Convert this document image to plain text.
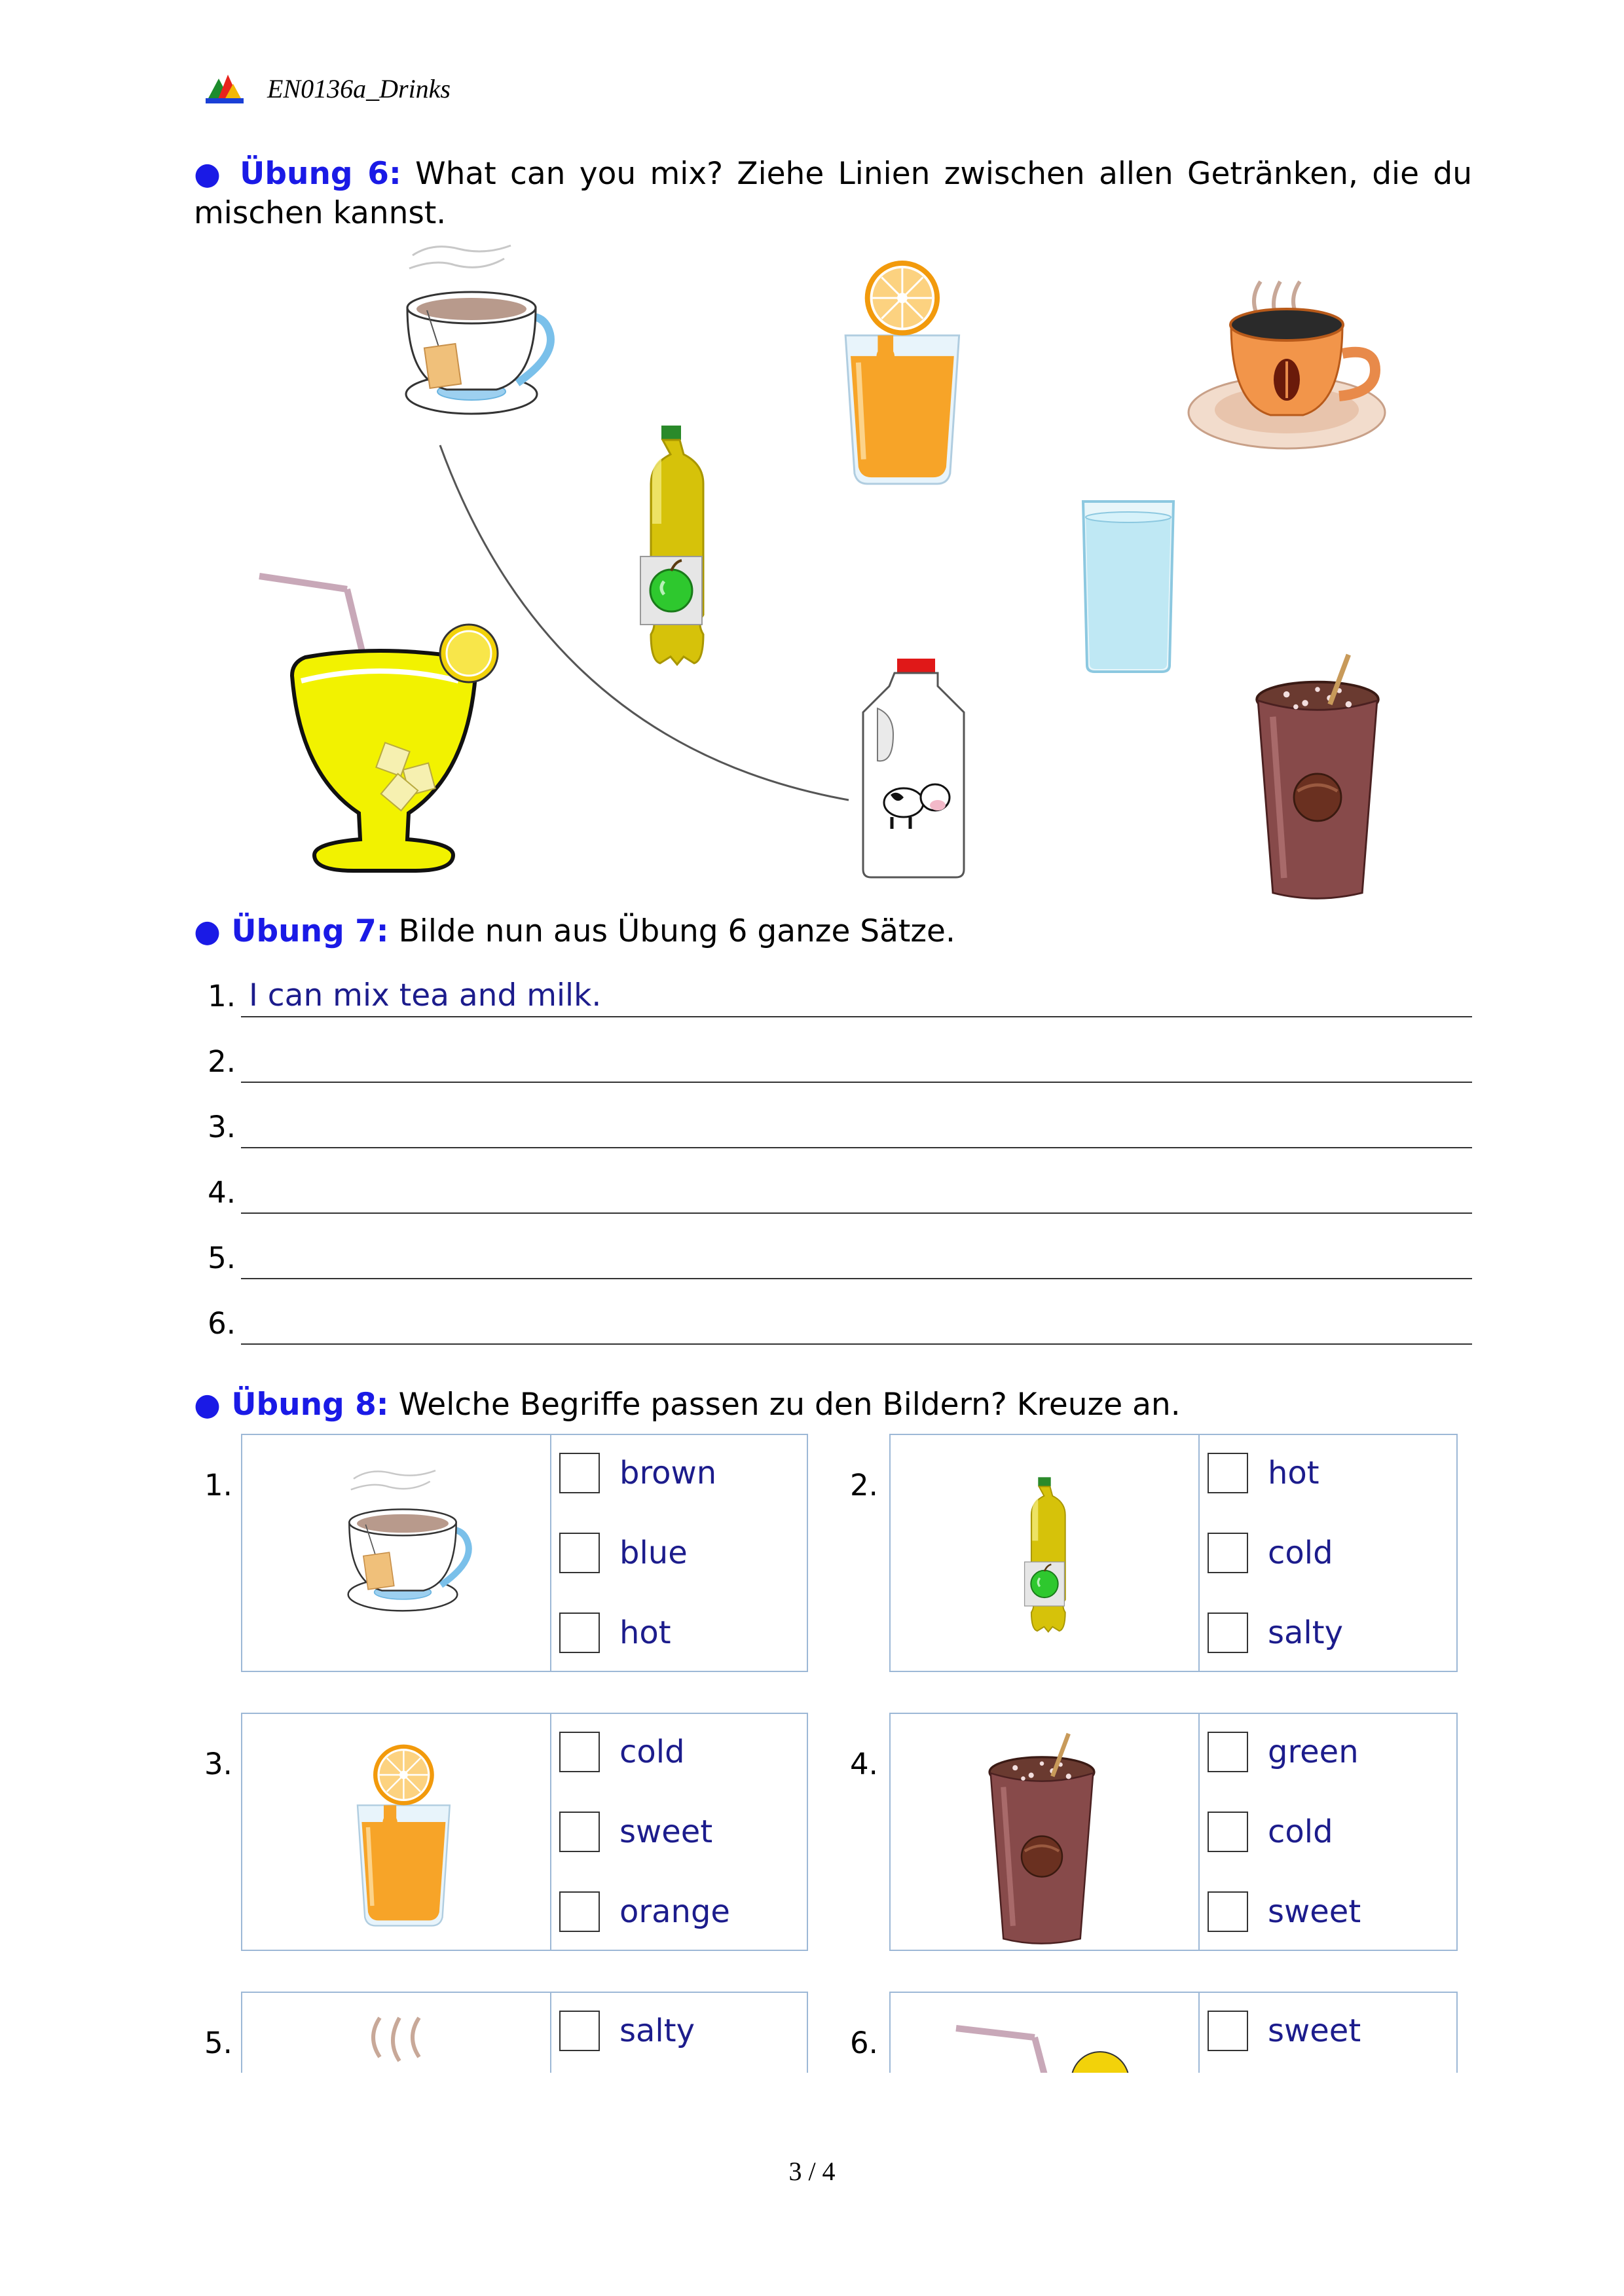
EN0136a_Drinks
● Übung 6: What can you mix? Ziehe Linien zwischen allen Getränken, die du mischen kannst.
● Übung 7: Bilde nun aus Übung 6 ganze Sätze.
1. I can mix tea and milk.
2.
3.
4.
5.
6.
● Übung 8: Welche Begriffe passen zu den Bildern? Kreuze an.
1.	brown
blue
hot
2.	hot
cold
salty
3.	cold
sweet
orange
4.	green
cold
sweet
5.	salty	6.	sweet
3 / 4
